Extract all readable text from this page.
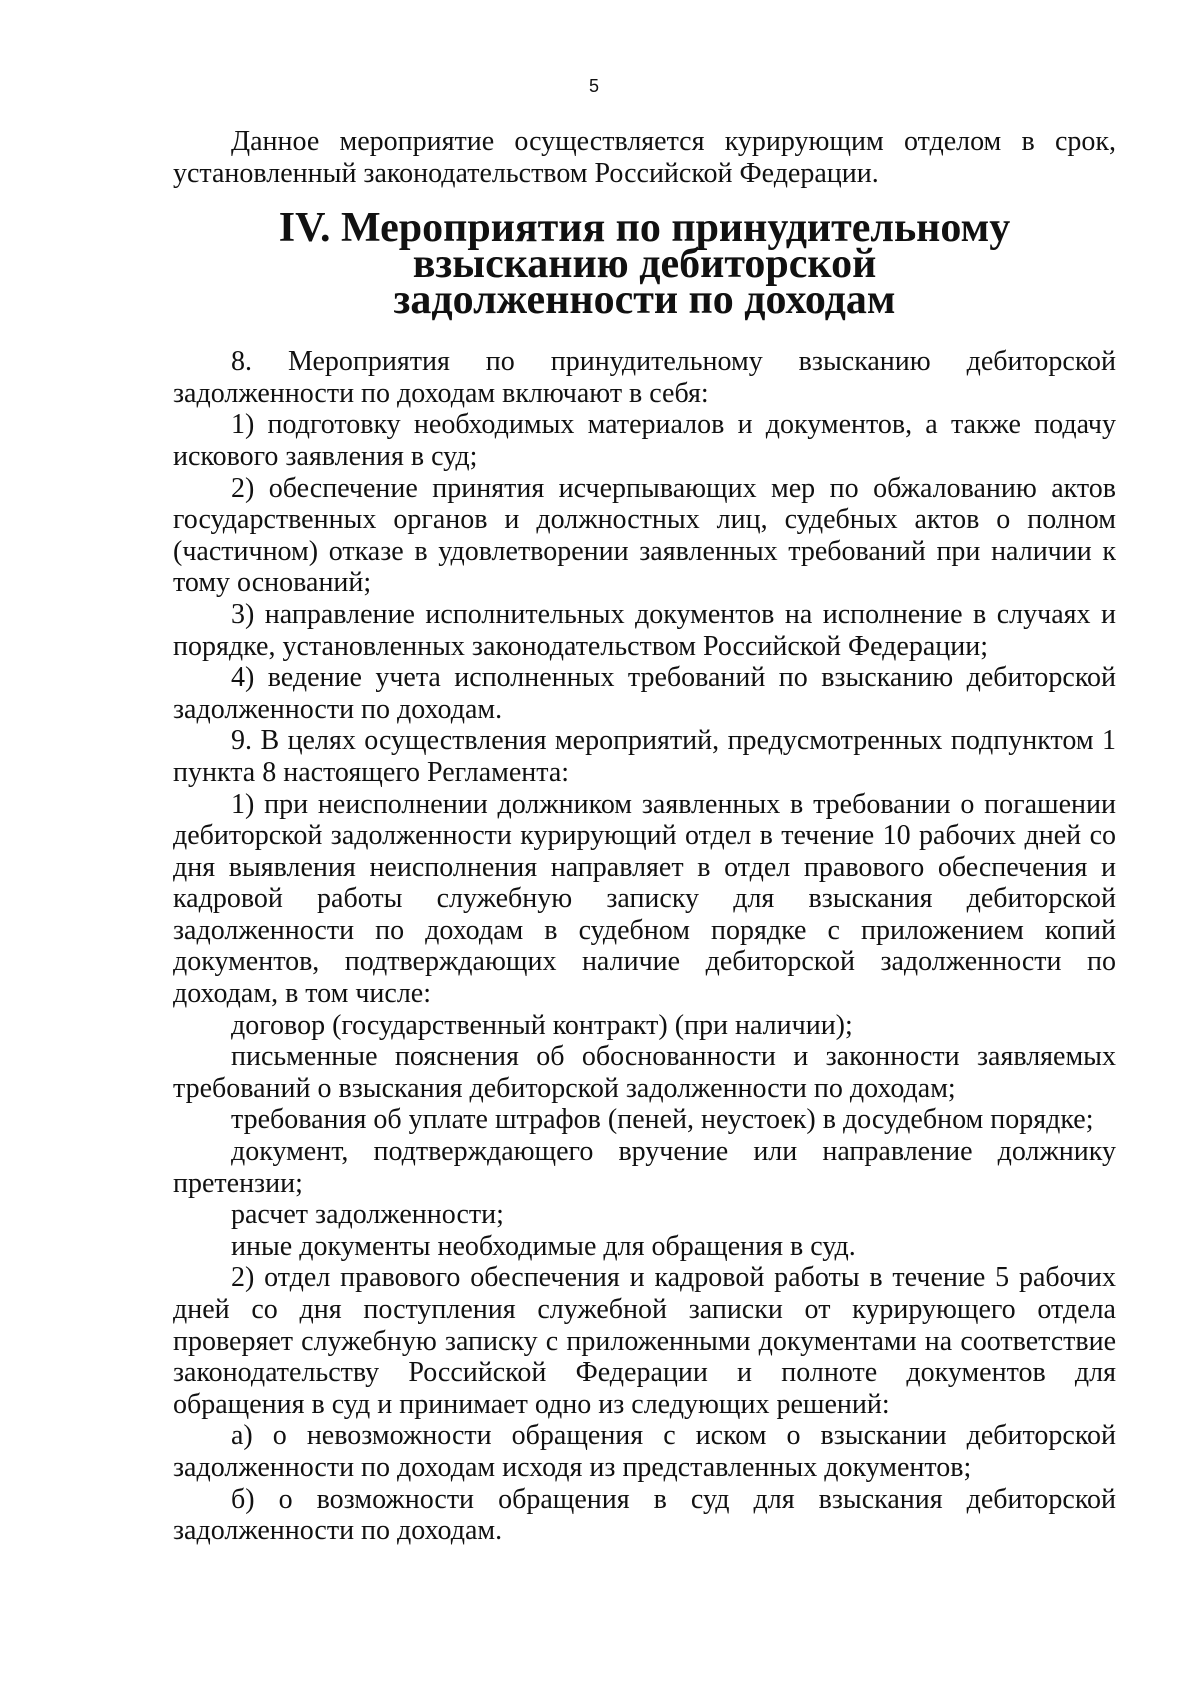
5

Данное мероприятие осуществляется курирующим отделом в срок, установленный законодательством Российской Федерации.

IV. Мероприятия по принудительному взысканию дебиторской
задолженности по доходам

8. Мероприятия по принудительному взысканию дебиторской задолженности по доходам включают в себя:

1) подготовку необходимых материалов и документов, а также подачу искового заявления в суд;

2) обеспечение принятия исчерпывающих мер по обжалованию актов государственных органов и должностных лиц, судебных актов о полном (частичном) отказе в удовлетворении заявленных требований при наличии к тому оснований;

3) направление исполнительных документов на исполнение в случаях и порядке, установленных законодательством Российской Федерации;

4) ведение учета исполненных требований по взысканию дебиторской задолженности по доходам.

9. В целях осуществления мероприятий, предусмотренных подпунктом 1 пункта 8 настоящего Регламента:

1) при неисполнении должником заявленных в требовании о погашении дебиторской задолженности курирующий отдел в течение 10 рабочих дней со дня выявления неисполнения направляет в отдел правового обеспечения и кадровой работы служебную записку для взыскания дебиторской задолженности по доходам в судебном порядке с приложением копий документов, подтверждающих наличие дебиторской задолженности по доходам, в том числе:

договор (государственный контракт) (при наличии);

письменные пояснения об обоснованности и законности заявляемых требований о взыскания дебиторской задолженности по доходам;

требования об уплате штрафов (пеней, неустоек) в досудебном порядке;

документ, подтверждающего вручение или направление должнику претензии;

расчет задолженности;

иные документы необходимые для обращения в суд.

2) отдел правового обеспечения и кадровой работы в течение 5 рабочих дней со дня поступления служебной записки от курирующего отдела проверяет служебную записку с приложенными документами на соответствие законодательству Российской Федерации и полноте документов для обращения в суд и принимает одно из следующих решений:

а) о невозможности обращения с иском о взыскании дебиторской задолженности по доходам исходя из представленных документов;

б) о возможности обращения в суд для взыскания дебиторской задолженности по доходам.
